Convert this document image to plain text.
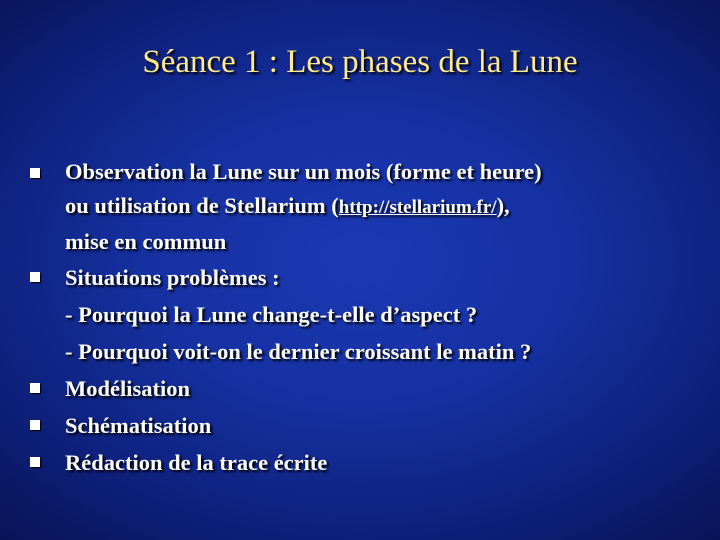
Séance 1 : Les phases de la Lune
Observation la Lune sur un mois (forme et heure)
ou utilisation de Stellarium (http://stellarium.fr/),
mise en commun
Situations problèmes :
- Pourquoi la Lune change-t-elle d’aspect ?
- Pourquoi voit-on le dernier croissant le matin ?
Modélisation
Schématisation
Rédaction de la trace écrite
